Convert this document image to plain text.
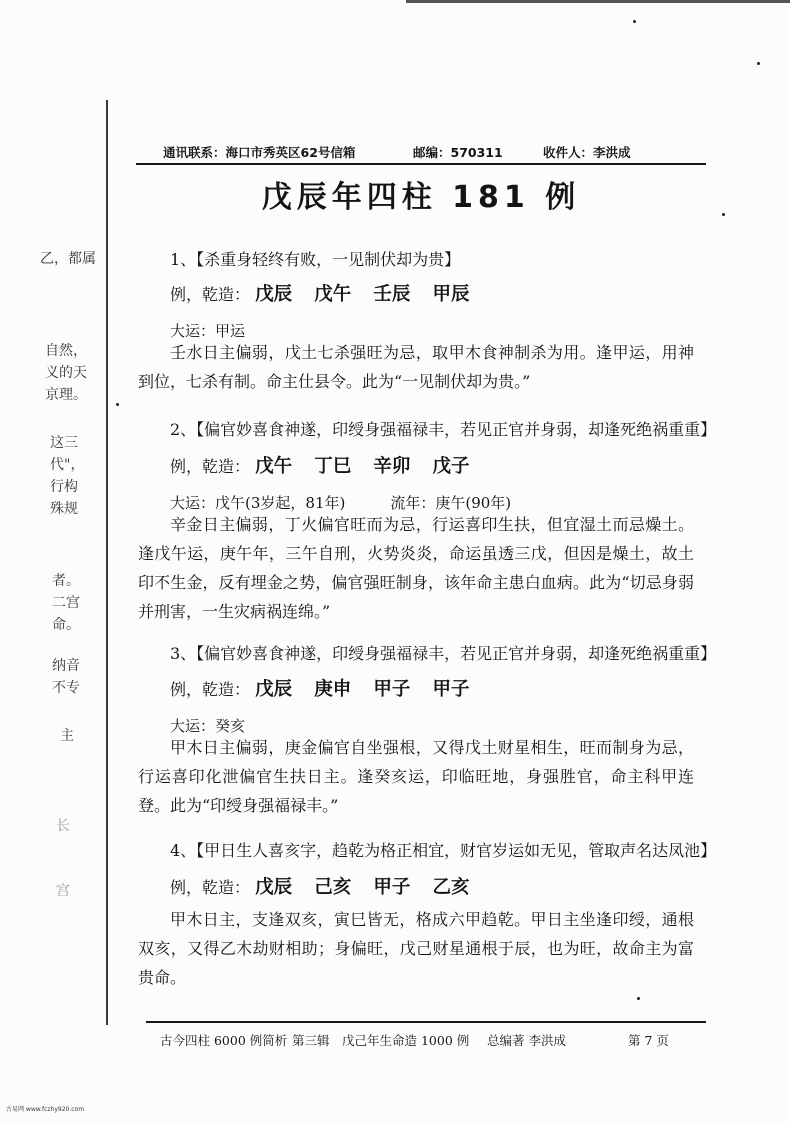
乙，都属
自然，
义的天
京理。
这三
代"，
行构
殊规
者。
二宫
命。
纳音
不专
主
长
宫
通讯联系：海口市秀英区62号信箱	邮编：570311	收件人：李洪成
戊辰年四柱 181 例
1、【杀重身轻终有败，一见制伏却为贵】
例，乾造： 戊辰 戊午 壬辰 甲辰
大运：甲运
壬水日主偏弱，戊土七杀强旺为忌，取甲木食神制杀为用。逢甲运，用神到位，七杀有制。命主仕县令。此为“一见制伏却为贵。”
2、【偏官妙喜食神遂，印绶身强福禄丰，若见正官并身弱，却逢死绝祸重重】
例，乾造： 戊午 丁巳 辛卯 戊子
大运：戊午(3岁起，81年)　　　流年：庚午(90年)
辛金日主偏弱，丁火偏官旺而为忌，行运喜印生扶，但宜湿土而忌燥土。逢戊午运，庚午年，三午自刑，火势炎炎，命运虽透三戊，但因是燥土，故土印不生金，反有埋金之势，偏官强旺制身，该年命主患白血病。此为“切忌身弱并刑害，一生灾病祸连绵。”
3、【偏官妙喜食神遂，印绶身强福禄丰，若见正官并身弱，却逢死绝祸重重】
例，乾造： 戊辰 庚申 甲子 甲子
大运：癸亥
甲木日主偏弱，庚金偏官自坐强根，又得戊土财星相生，旺而制身为忌，行运喜印化泄偏官生扶日主。逢癸亥运，印临旺地，身强胜官，命主科甲连登。此为“印绶身强福禄丰。”
4、【甲日生人喜亥字，趋乾为格正相宜，财官岁运如无见，管取声名达凤池】
例，乾造： 戊辰 己亥 甲子 乙亥
甲木日主，支逢双亥，寅巳皆无，格成六甲趋乾。甲日主坐逢印绶，通根双亥，又得乙木劫财相助；身偏旺，戊己财星通根于辰，也为旺，故命主为富贵命。
古今四柱 6000 例简析 第三辑 戊己年生命造 1000 例 总编著 李洪成	第 7 页
古易网 www.fczhy920.com
